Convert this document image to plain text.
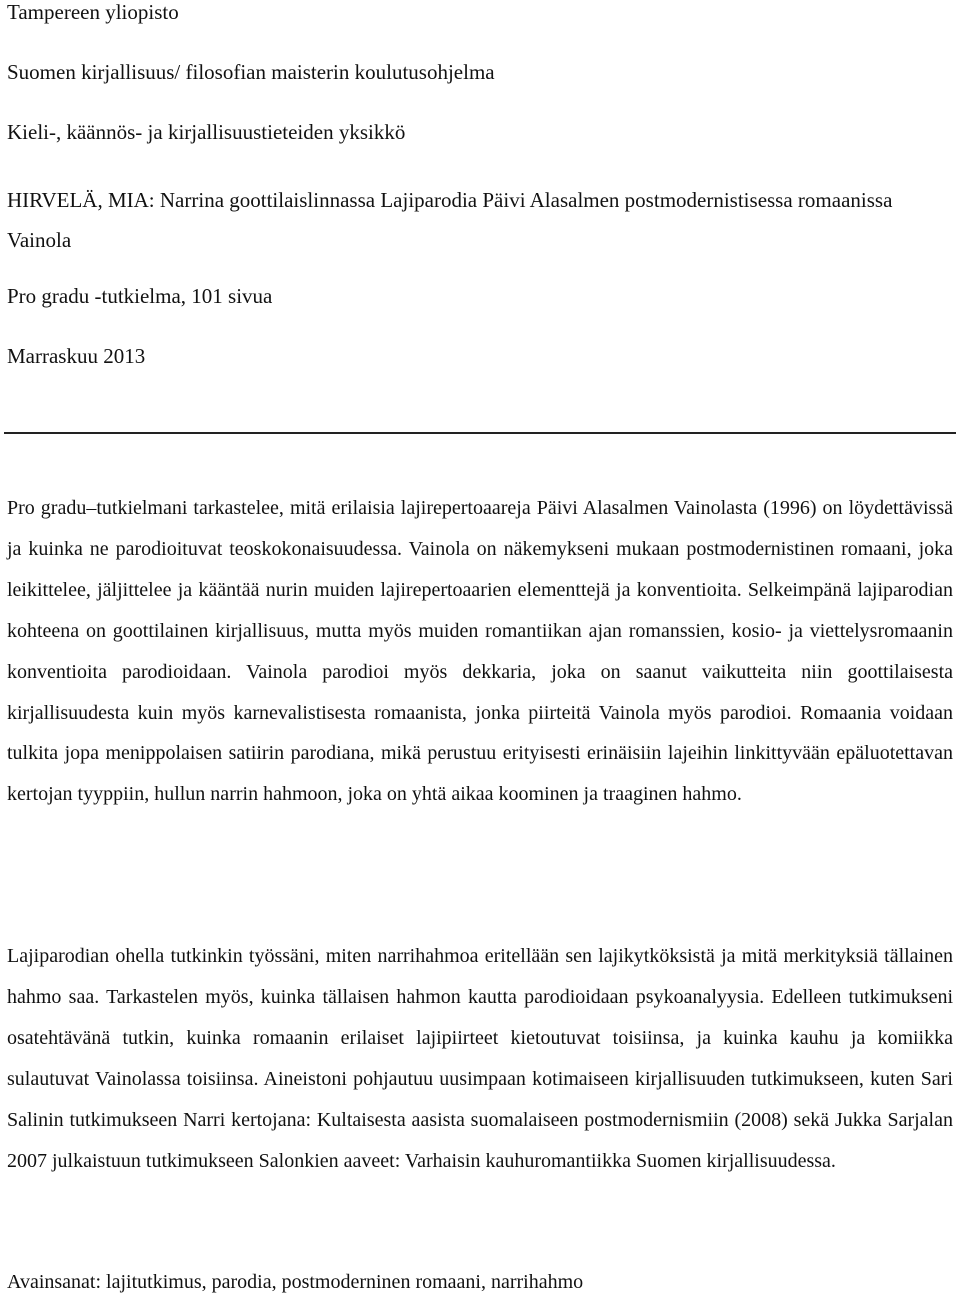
Tampereen yliopisto

Suomen kirjallisuus/ filosofian maisterin koulutusohjelma

Kieli-, käännös- ja kirjallisuustieteiden yksikkö

HIRVELÄ, MIA: Narrina goottilaislinnassa Lajiparodia Päivi Alasalmen postmodernistisessa romaanissa Vainola

Pro gradu -tutkielma, 101 sivua

Marraskuu 2013

Pro gradu–tutkielmani tarkastelee, mitä erilaisia lajirepertoaareja Päivi Alasalmen Vainolasta (1996) on löydettävissä ja kuinka ne parodioituvat teoskokonaisuudessa. Vainola on näkemykseni mukaan postmodernistinen romaani, joka leikittelee, jäljittelee ja kääntää nurin muiden lajirepertoaarien elementtejä ja konventioita. Selkeimpänä lajiparodian kohteena on goottilainen kirjallisuus, mutta myös muiden romantiikan ajan romanssien, kosio- ja viettelysromaanin konventioita parodioidaan. Vainola parodioi myös dekkaria, joka on saanut vaikutteita niin goottilaisesta kirjallisuudesta kuin myös karnevalistisesta romaanista, jonka piirteitä Vainola myös parodioi. Romaania voidaan tulkita jopa menippolaisen satiirin parodiana, mikä perustuu erityisesti erinäisiin lajeihin linkittyvään epäluotettavan kertojan tyyppiin, hullun narrin hahmoon, joka on yhtä aikaa koominen ja traaginen hahmo.

Lajiparodian ohella tutkinkin työssäni, miten narrihahmoa eritellään sen lajikytköksistä ja mitä merkityksiä tällainen hahmo saa. Tarkastelen myös, kuinka tällaisen hahmon kautta parodioidaan psykoanalyysia. Edelleen tutkimukseni osatehtävänä tutkin, kuinka romaanin erilaiset lajipiirteet kietoutuvat toisiinsa, ja kuinka kauhu ja komiikka sulautuvat Vainolassa toisiinsa. Aineistoni pohjautuu uusimpaan kotimaiseen kirjallisuuden tutkimukseen, kuten Sari Salinin tutkimukseen Narri kertojana: Kultaisesta aasista suomalaiseen postmodernismiin (2008) sekä Jukka Sarjalan 2007 julkaistuun tutkimukseen Salonkien aaveet: Varhaisin kauhuromantiikka Suomen kirjallisuudessa.

Avainsanat: lajitutkimus, parodia, postmoderninen romaani, narrihahmo
